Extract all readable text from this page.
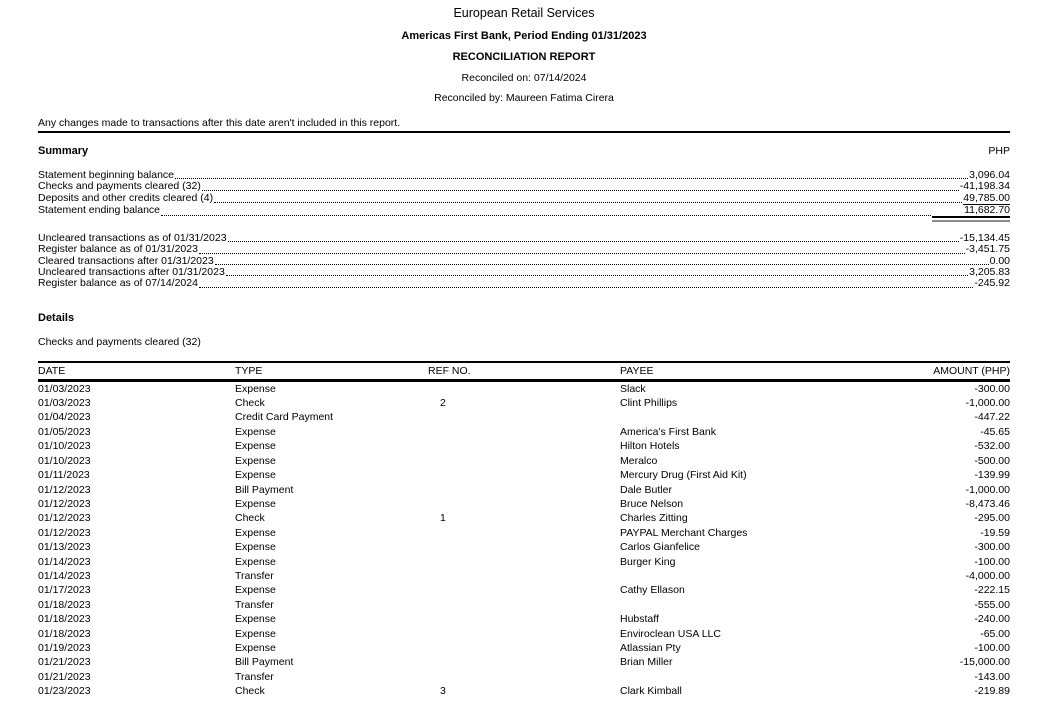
European Retail Services
Americas First Bank, Period Ending 01/31/2023
RECONCILIATION REPORT
Reconciled on: 07/14/2024
Reconciled by: Maureen Fatima Cirera
Any changes made to transactions after this date aren't included in this report.
Summary	PHP
Statement beginning balance	3,096.04
Checks and payments cleared (32)	-41,198.34
Deposits and other credits cleared (4)	49,785.00
Statement ending balance	11,682.70
Uncleared transactions as of 01/31/2023	-15,134.45
Register balance as of 01/31/2023	-3,451.75
Cleared transactions after 01/31/2023	0.00
Uncleared transactions after 01/31/2023	3,205.83
Register balance as of 07/14/2024	-245.92
Details
Checks and payments cleared (32)
DATE	TYPE	REF NO.	PAYEE	AMOUNT (PHP)
01/03/2023	Expense		Slack	-300.00
01/03/2023	Check	2	Clint Phillips	-1,000.00
01/04/2023	Credit Card Payment			-447.22
01/05/2023	Expense		America's First Bank	-45.65
01/10/2023	Expense		Hilton Hotels	-532.00
01/10/2023	Expense		Meralco	-500.00
01/11/2023	Expense		Mercury Drug (First Aid Kit)	-139.99
01/12/2023	Bill Payment		Dale Butler	-1,000.00
01/12/2023	Expense		Bruce Nelson	-8,473.46
01/12/2023	Check	1	Charles Zitting	-295.00
01/12/2023	Expense		PAYPAL Merchant Charges	-19.59
01/13/2023	Expense		Carlos Gianfelice	-300.00
01/14/2023	Expense		Burger King	-100.00
01/14/2023	Transfer			-4,000.00
01/17/2023	Expense		Cathy Ellason	-222.15
01/18/2023	Transfer			-555.00
01/18/2023	Expense		Hubstaff	-240.00
01/18/2023	Expense		Enviroclean USA LLC	-65.00
01/19/2023	Expense		Atlassian Pty	-100.00
01/21/2023	Bill Payment		Brian Miller	-15,000.00
01/21/2023	Transfer			-143.00
01/23/2023	Check	3	Clark Kimball	-219.89
